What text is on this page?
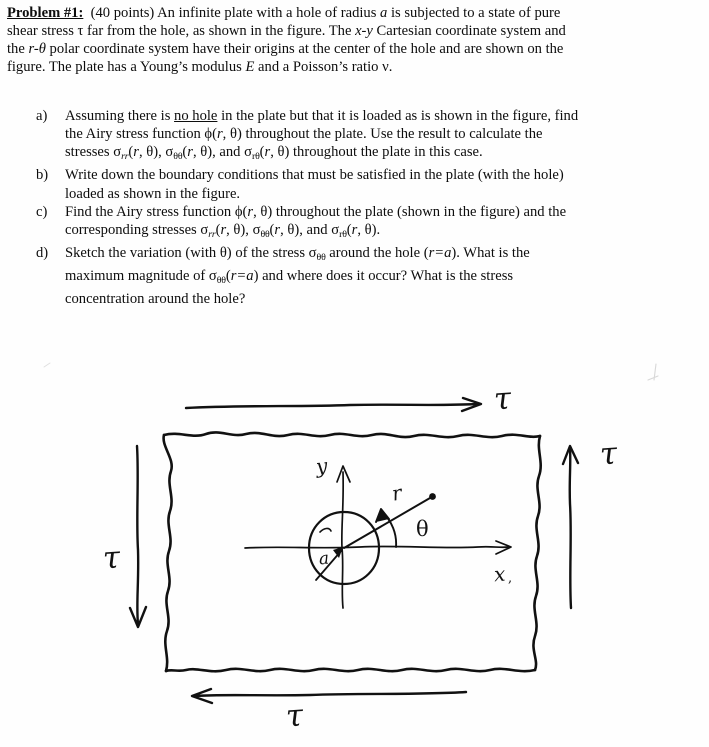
Problem #1: (40 points) An infinite plate with a hole of radius a is subjected to a state of pure

shear stress τ far from the hole, as shown in the figure. The x-y Cartesian coordinate system and

the r-θ polar coordinate system have their origins at the center of the hole and are shown on the

figure. The plate has a Young’s modulus E and a Poisson’s ratio ν.

a)	Assuming there is no hole in the plate but that it is loaded as is shown in the figure, find
the Airy stress function ϕ(r, θ) throughout the plate. Use the result to calculate the
stresses $\sigma_{rr}(r$, θ), $\sigma_{\theta\theta}(r$, θ), and $\sigma_{r\theta}(r$, θ) throughout the plate in this case.
b)	Write down the boundary conditions that must be satisfied in the plate (with the hole)
loaded as shown in the figure.
c)	Find the Airy stress function ϕ(r, θ) throughout the plate (shown in the figure) and the
corresponding stresses $\sigma_{rr}(r$, θ), $\sigma_{\theta\theta}(r$, θ), and $\sigma_{r\theta}(r$, θ).
d)	Sketch the variation (with θ) of the stress $\sigma_{\theta\theta}$ around the hole (r=a). What is the
maximum magnitude of $\sigma_{\theta\theta}(r=a)$ and where does it occur? What is the stress
concentration around the hole?
τ
τ
τ
τ
y
x ,
r
θ
a
